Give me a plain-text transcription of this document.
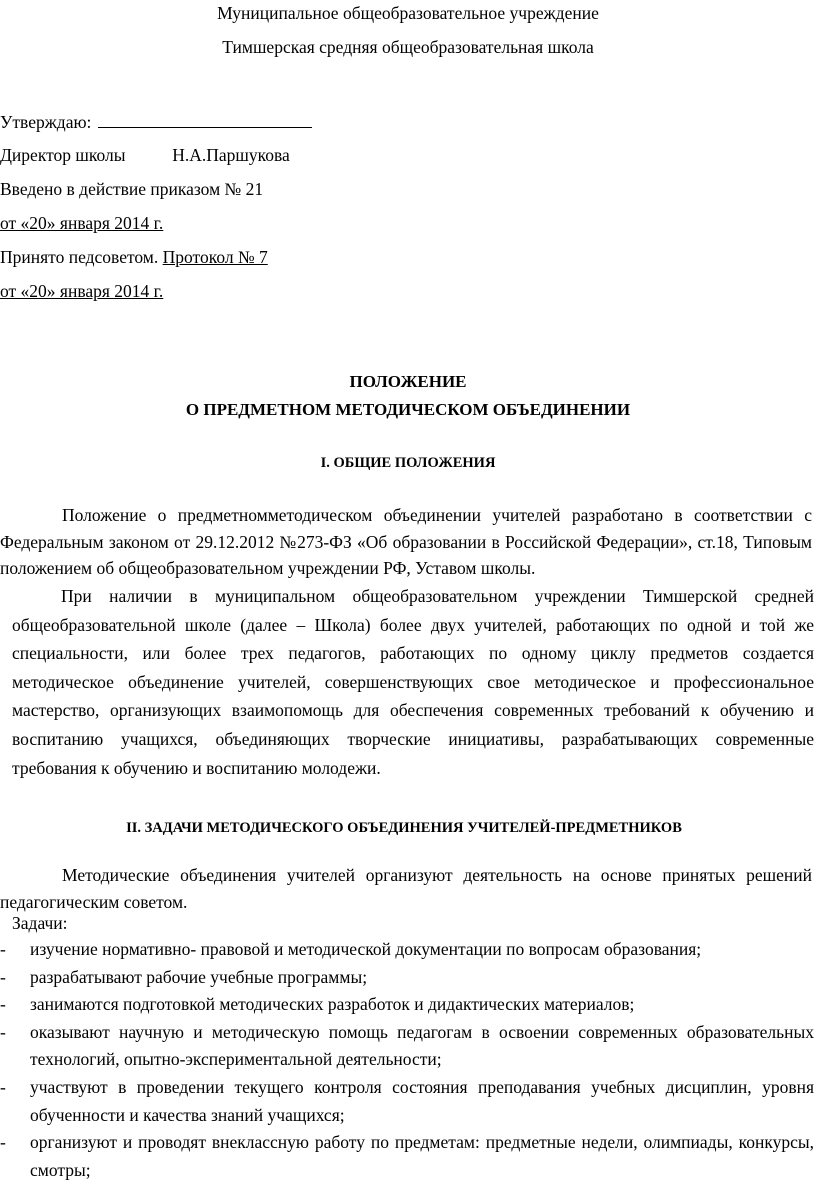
Муниципальное общеобразовательное учреждение
Тимшерская средняя общеобразовательная школа
Утверждаю:
Директор школы	Н.А.Паршукова
Введено в действие приказом № 21
от «20» января 2014 г.
Принято педсоветом. Протокол № 7
от «20» января 2014 г.
ПОЛОЖЕНИЕ
О ПРЕДМЕТНОМ МЕТОДИЧЕСКОМ ОБЪЕДИНЕНИИ
I. ОБЩИЕ ПОЛОЖЕНИЯ

Положение о предметномметодическом объединении учителей разработано в соответствии с Федеральным законом от 29.12.2012 №273-ФЗ «Об образовании в Российской Федерации», ст.18, Типовым положением об общеобразовательном учреждении РФ, Уставом школы.

При наличии в муниципальном общеобразовательном учреждении Тимшерской средней общеобразовательной школе (далее – Школа) более двух учителей, работающих по одной и той же специальности, или более трех педагогов, работающих по одному циклу предметов создается методическое объединение учителей, совершенствующих свое методическое и профессиональное мастерство, организующих взаимопомощь для обеспечения современных требований к обучению и воспитанию учащихся, объединяющих творческие инициативы, разрабатывающих современные требования к обучению и воспитанию молодежи.

II. ЗАДАЧИ МЕТОДИЧЕСКОГО ОБЪЕДИНЕНИЯ УЧИТЕЛЕЙ-ПРЕДМЕТНИКОВ

Методические объединения учителей организуют деятельность на основе принятых решений педагогическим советом.

Задачи:
- изучение нормативно- правовой и методической документации по вопросам образования;
- разрабатывают рабочие учебные программы;
- занимаются подготовкой методических разработок и дидактических материалов;
- оказывают научную и методическую помощь педагогам в освоении современных образовательных технологий, опытно-экспериментальной деятельности;
- участвуют в проведении текущего контроля состояния преподавания учебных дисциплин, уровня обученности и качества знаний учащихся;
- организуют и проводят внеклассную работу по предметам: предметные недели, олимпиады, конкурсы, смотры;
